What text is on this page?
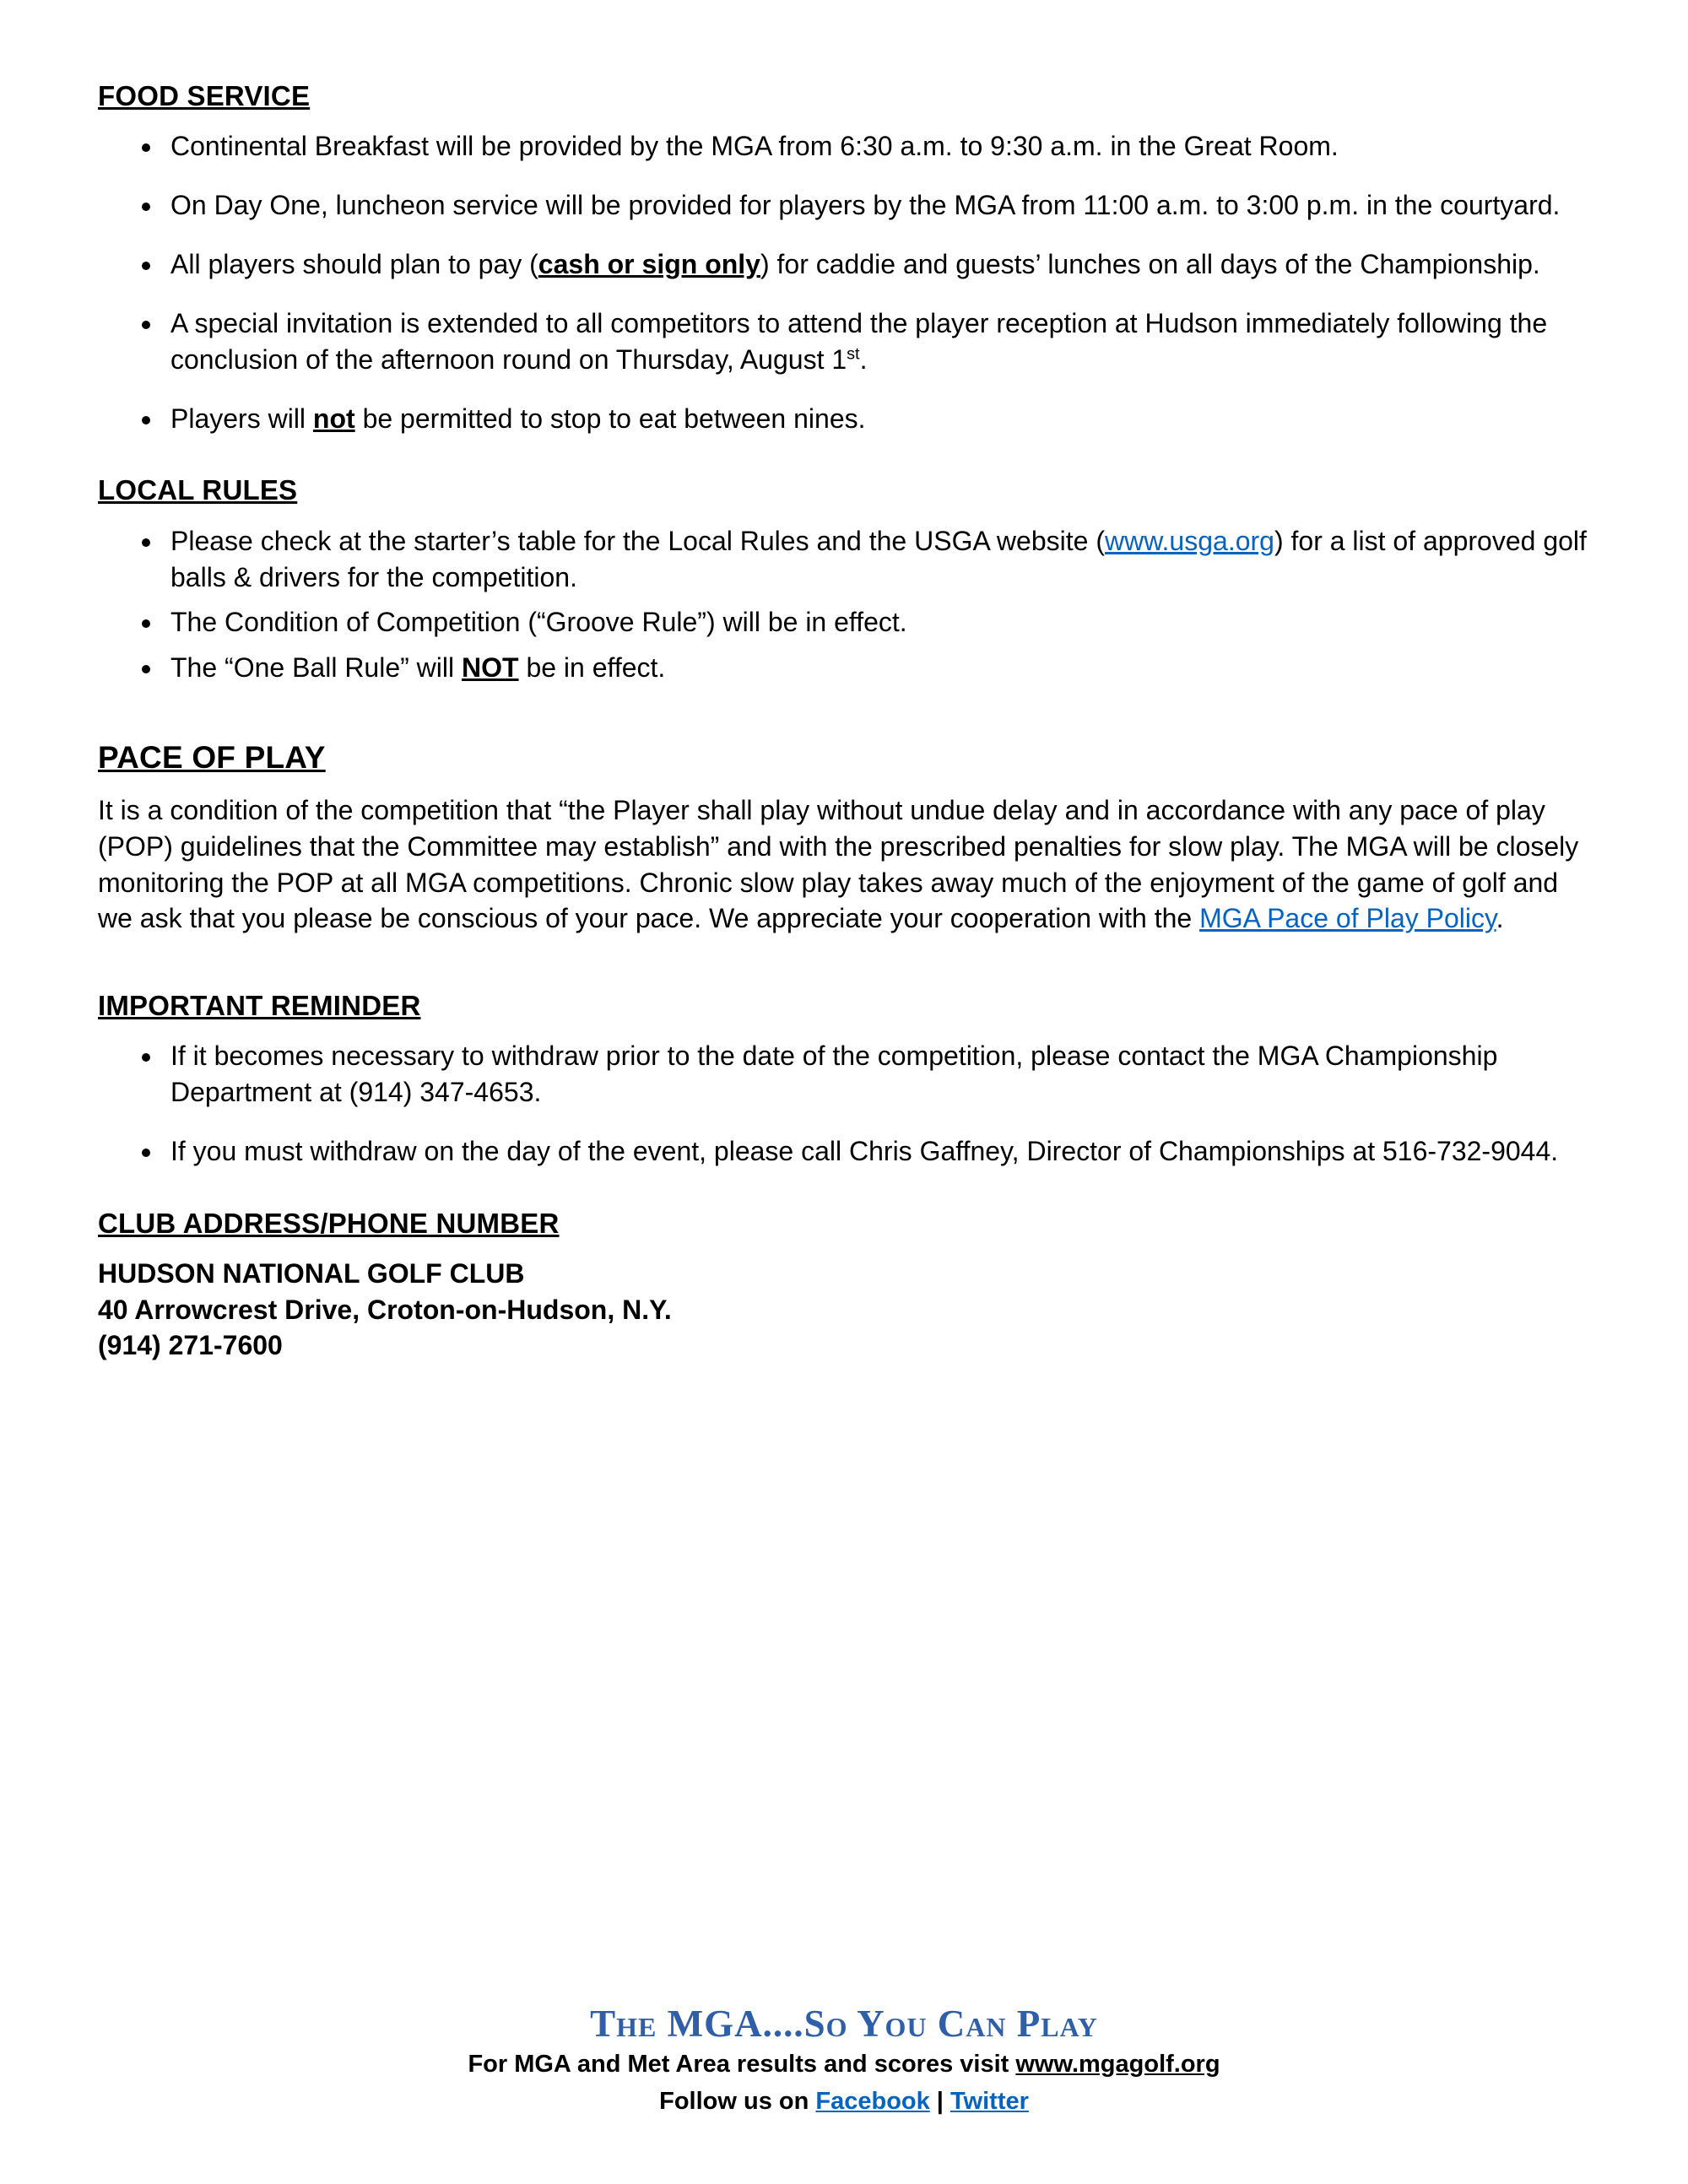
FOOD SERVICE
• Continental Breakfast will be provided by the MGA from 6:30 a.m. to 9:30 a.m. in the Great Room.
• On Day One, luncheon service will be provided for players by the MGA from 11:00 a.m. to 3:00 p.m. in the courtyard.
• All players should plan to pay (cash or sign only) for caddie and guests’ lunches on all days of the Championship.
• A special invitation is extended to all competitors to attend the player reception at Hudson immediately following the conclusion of the afternoon round on Thursday, August 1st.
• Players will not be permitted to stop to eat between nines.
LOCAL RULES
• Please check at the starter’s table for the Local Rules and the USGA website (www.usga.org) for a list of approved golf balls & drivers for the competition.
• The Condition of Competition (“Groove Rule”) will be in effect.
• The “One Ball Rule” will NOT be in effect.
PACE OF PLAY

It is a condition of the competition that “the Player shall play without undue delay and in accordance with any pace of play (POP) guidelines that the Committee may establish” and with the prescribed penalties for slow play. The MGA will be closely monitoring the POP at all MGA competitions. Chronic slow play takes away much of the enjoyment of the game of golf and we ask that you please be conscious of your pace. We appreciate your cooperation with the MGA Pace of Play Policy.

IMPORTANT REMINDER
• If it becomes necessary to withdraw prior to the date of the competition, please contact the MGA Championship Department at (914) 347-4653.
• If you must withdraw on the day of the event, please call Chris Gaffney, Director of Championships at 516-732-9044.
CLUB ADDRESS/PHONE NUMBER
HUDSON NATIONAL GOLF CLUB
40 Arrowcrest Drive, Croton-on-Hudson, N.Y.
(914) 271-7600
The MGA....So You Can Play
For MGA and Met Area results and scores visit www.mgagolf.org
Follow us on Facebook | Twitter
